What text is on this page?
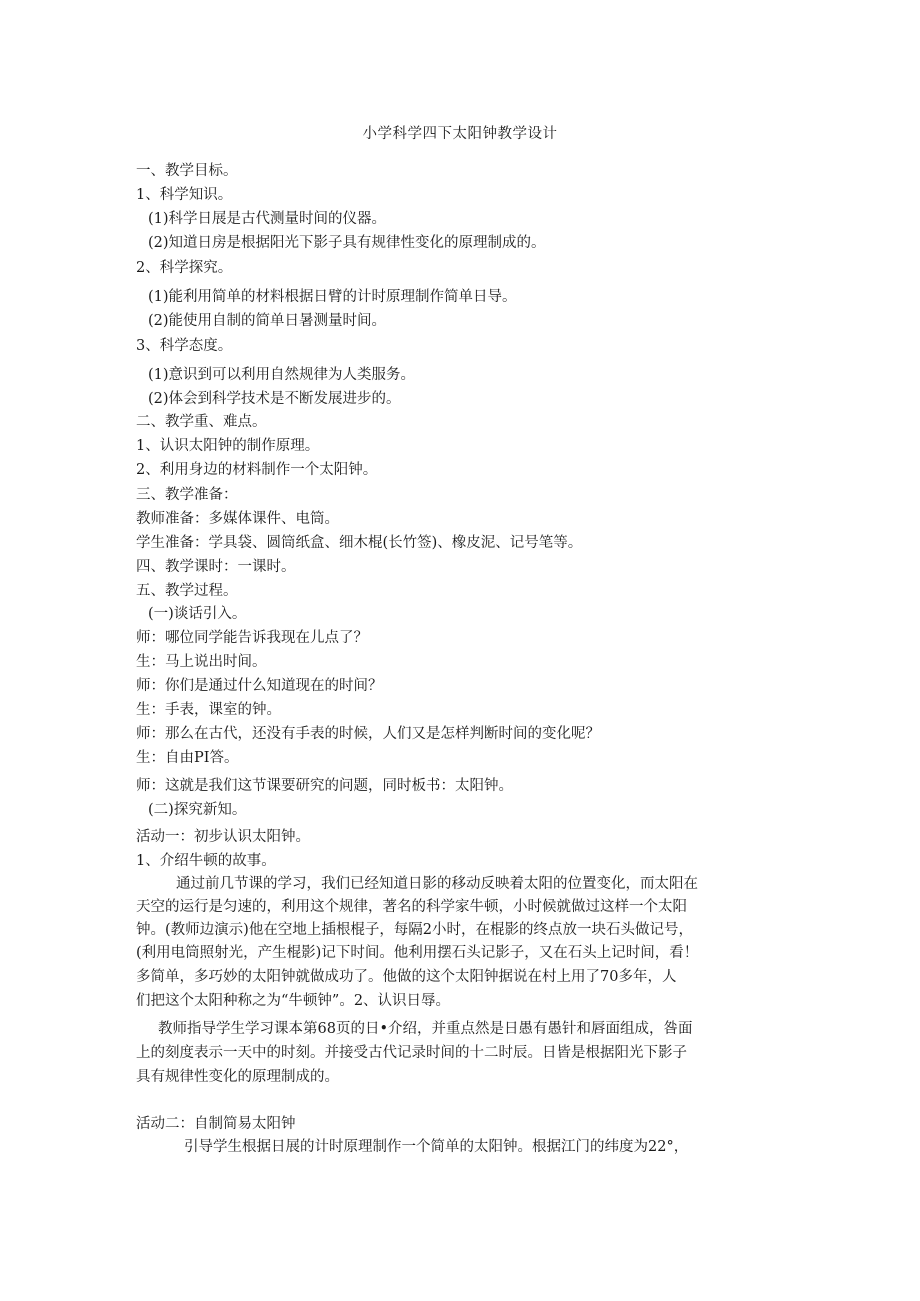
小学科学四下太阳钟教学设计
一、教学目标。
1、科学知识。
(1)科学日展是古代测量时间的仪器。
(2)知道日房是根据阳光下影子具有规律性变化的原理制成的。
2、科学探究。
(1)能利用简单的材料根据日臂的计时原理制作简单日导。
(2)能使用自制的简单日暑测量时间。
3、科学态度。
(1)意识到可以利用自然规律为人类服务。
(2)体会到科学技术是不断发展进步的。
二、教学重、难点。
1、认识太阳钟的制作原理。
2、利用身边的材料制作一个太阳钟。
三、教学准备：
教师准备：多媒体课件、电筒。
学生准备：学具袋、圆筒纸盒、细木棍(长竹签)、橡皮泥、记号笔等。
四、教学课时：一课时。
五、教学过程。
(一)谈话引入。
师：哪位同学能告诉我现在儿点了？
生：马上说出时间。
师：你们是通过什么知道现在的时间？
生：手表，课室的钟。
师：那么在古代，还没有手表的时候，人们又是怎样判断时间的变化呢？
生：自由PI答。
师：这就是我们这节课要研究的问题，同时板书：太阳钟。
(二)探究新知。
活动一：初步认识太阳钟。
1、介绍牛顿的故事。
通过前几节课的学习，我们已经知道日影的移动反映着太阳的位置变化，而太阳在
天空的运行是匀速的，利用这个规律，著名的科学家牛顿，小时候就做过这样一个太阳
钟。(教师边演示)他在空地上插根棍子，每隔2小时，在棍影的终点放一块石头做记号，
(利用电筒照射光，产生棍影)记下时间。他利用摆石头记影子，又在石头上记时间，看！
多简单，多巧妙的太阳钟就做成功了。他做的这个太阳钟据说在村上用了70多年，人
们把这个太阳种称之为“牛顿钟”。2、认识日辱。
教师指导学生学习课本第68页的日•介绍，并重点然是日愚有愚针和唇面组成，咎面
上的刻度表示一天中的时刻。并接受古代记录时间的十二时辰。日皆是根据阳光下影子
具有规律性变化的原理制成的。
活动二：自制简易太阳钟
引导学生根据日展的计时原理制作一个简单的太阳钟。根据江门的纬度为22°，
